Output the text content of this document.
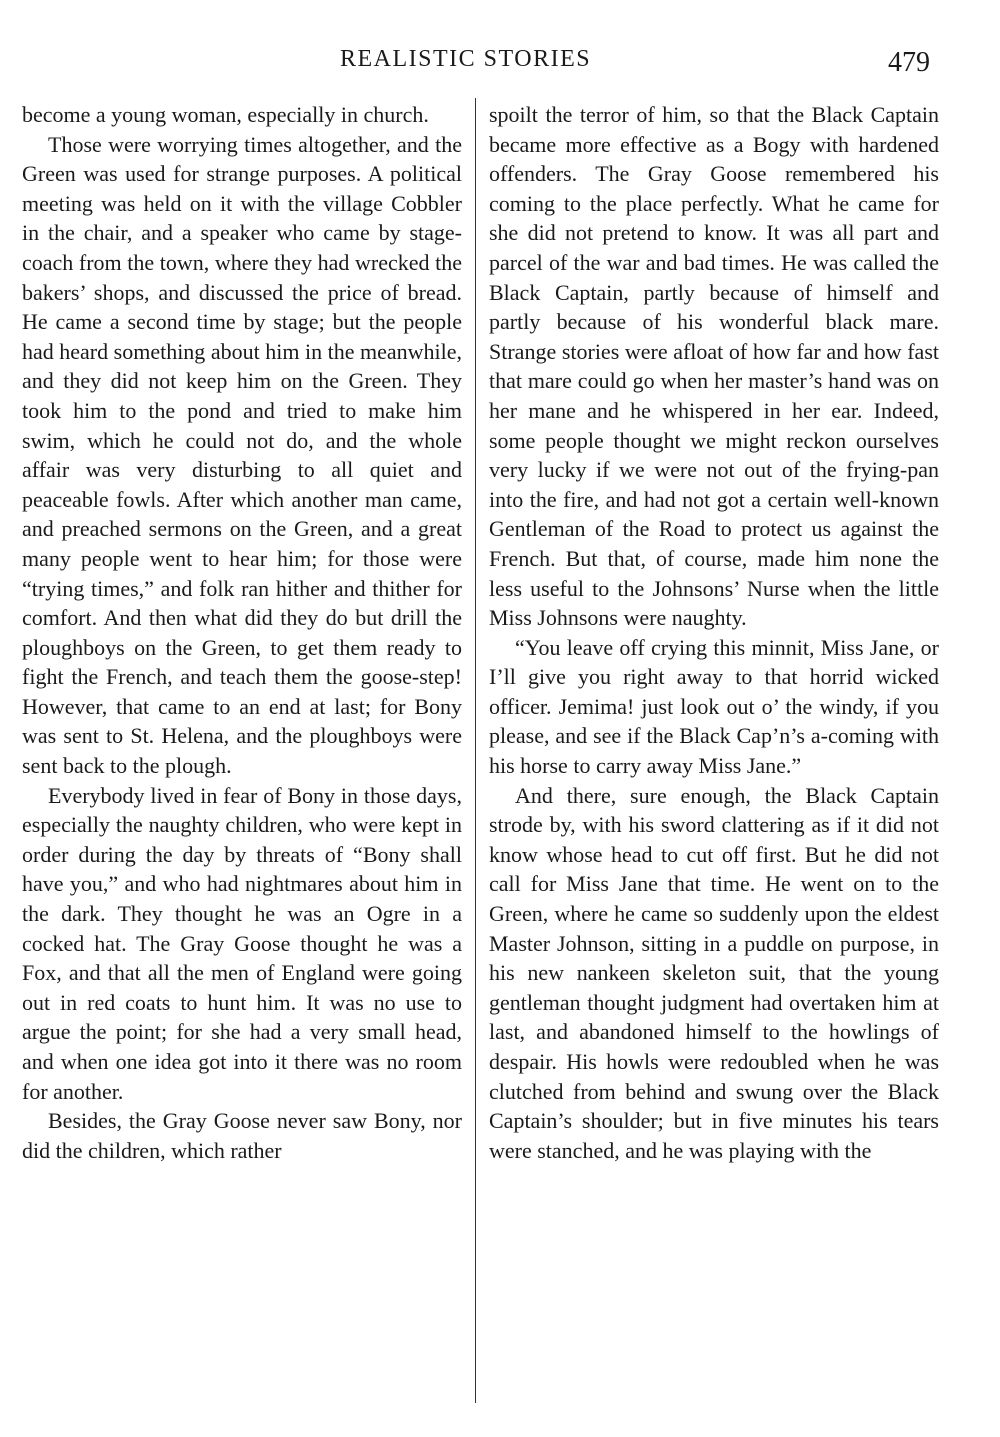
REALISTIC STORIES	479

become a young woman, especially in church.

Those were worrying times altogether, and the Green was used for strange purposes. A political meeting was held on it with the village Cobbler in the chair, and a speaker who came by stage-coach from the town, where they had wrecked the bakers’ shops, and discussed the price of bread. He came a second time by stage; but the people had heard something about him in the meanwhile, and they did not keep him on the Green. They took him to the pond and tried to make him swim, which he could not do, and the whole affair was very disturbing to all quiet and peaceable fowls. After which another man came, and preached sermons on the Green, and a great many people went to hear him; for those were “trying times,” and folk ran hither and thither for comfort. And then what did they do but drill the ploughboys on the Green, to get them ready to fight the French, and teach them the goose-step! However, that came to an end at last; for Bony was sent to St. Helena, and the ploughboys were sent back to the plough.

Everybody lived in fear of Bony in those days, especially the naughty children, who were kept in order during the day by threats of “Bony shall have you,” and who had nightmares about him in the dark. They thought he was an Ogre in a cocked hat. The Gray Goose thought he was a Fox, and that all the men of England were going out in red coats to hunt him. It was no use to argue the point; for she had a very small head, and when one idea got into it there was no room for another.

Besides, the Gray Goose never saw Bony, nor did the children, which rather

spoilt the terror of him, so that the Black Captain became more effective as a Bogy with hardened offenders. The Gray Goose remembered his coming to the place perfectly. What he came for she did not pretend to know. It was all part and parcel of the war and bad times. He was called the Black Captain, partly because of himself and partly because of his wonderful black mare. Strange stories were afloat of how far and how fast that mare could go when her master’s hand was on her mane and he whispered in her ear. Indeed, some people thought we might reckon ourselves very lucky if we were not out of the frying-pan into the fire, and had not got a certain well-known Gentleman of the Road to protect us against the French. But that, of course, made him none the less useful to the Johnsons’ Nurse when the little Miss Johnsons were naughty.

“You leave off crying this minnit, Miss Jane, or I’ll give you right away to that horrid wicked officer. Jemima! just look out o’ the windy, if you please, and see if the Black Cap’n’s a-coming with his horse to carry away Miss Jane.”

And there, sure enough, the Black Captain strode by, with his sword clattering as if it did not know whose head to cut off first. But he did not call for Miss Jane that time. He went on to the Green, where he came so suddenly upon the eldest Master Johnson, sitting in a puddle on purpose, in his new nankeen skeleton suit, that the young gentleman thought judgment had overtaken him at last, and abandoned himself to the howlings of despair. His howls were redoubled when he was clutched from behind and swung over the Black Captain’s shoulder; but in five minutes his tears were stanched, and he was playing with the
